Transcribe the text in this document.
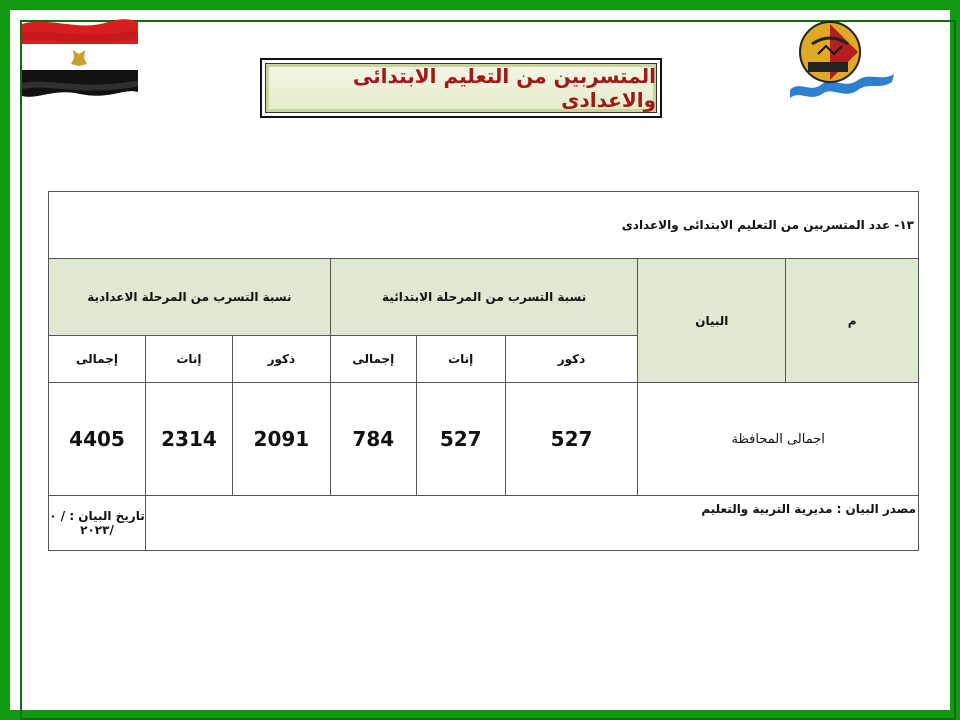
المتسربين من التعليم الابتدائى والاعدادى
١٣- عدد المتسربين من التعليم الابتدائى والاعدادى							
م	البيان	نسبة التسرب من المرحلة الابتدائية			نسبة التسرب من المرحلة الاعدادية		
		ذكور	إناث	إجمالى	ذكور	إناث	إجمالى
اجمالى المحافظة		527	527	784	2091	2314	4405
مصدر البيان : مديرية التربية والتعليم							تاريخ البيان : / ٠ /٢٠٢٣
